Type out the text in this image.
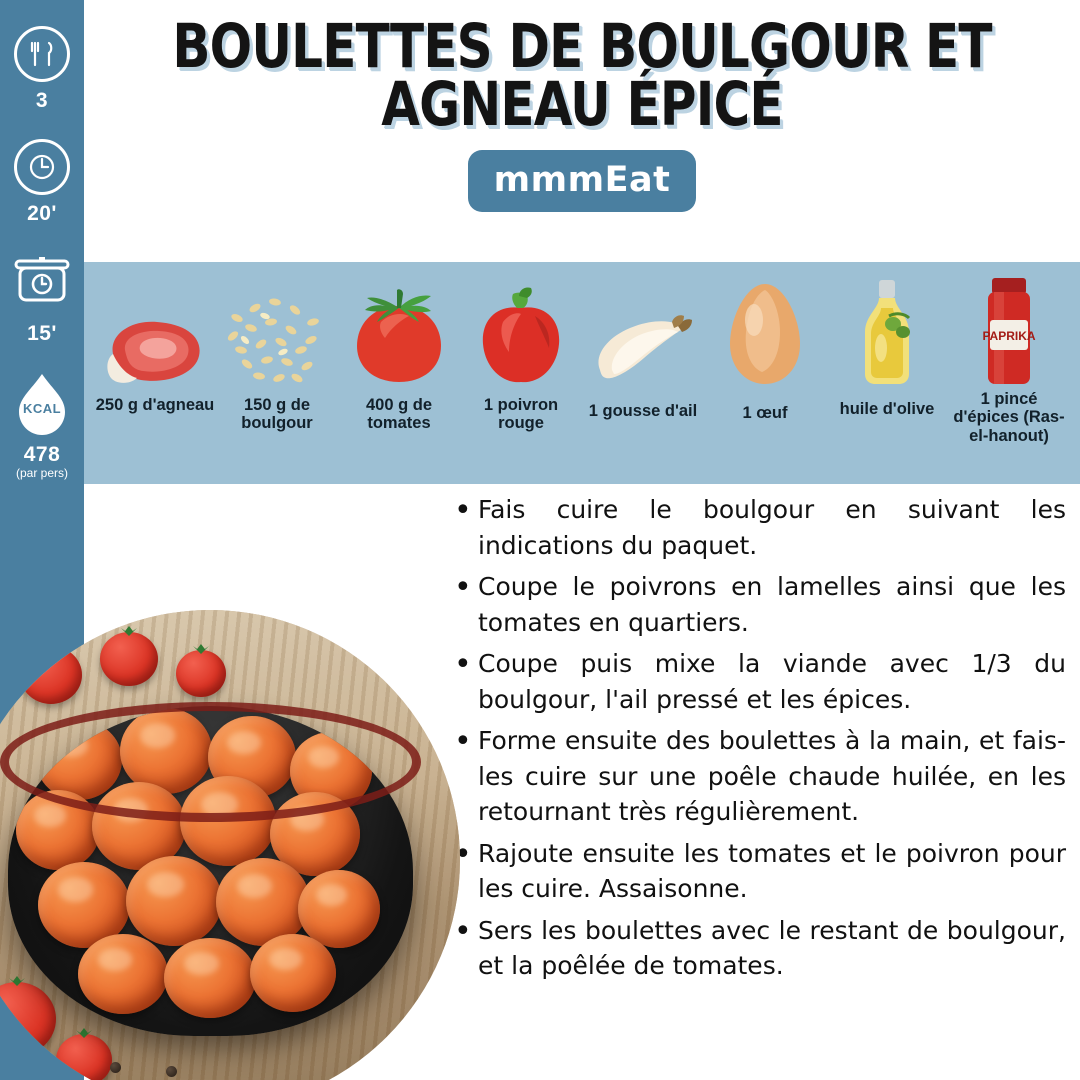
3
20'
15'
KCAL
478
(par pers)
BOULETTES DE BOULGOUR ET AGNEAU ÉPICÉ
mmmEat
250 g d'agneau	150 g de boulgour
400 g de tomates
1 poivron rouge
1 gousse d'ail	1 œuf	huile d'olive
PAPRIKA
1 pincé d'épices (Ras-el-hanout)
• Fais cuire le boulgour en suivant les indications du paquet.
• Coupe le poivrons en lamelles ainsi que les tomates en quartiers.
• Coupe puis mixe la viande avec 1/3 du boulgour, l'ail pressé et les épices.
• Forme ensuite des boulettes à la main, et fais-les cuire sur une poêle chaude huilée, en les retournant très régulièrement.
• Rajoute ensuite les tomates et le poivron pour les cuire. Assaisonne.
• Sers les boulettes avec le restant de boulgour, et la poêlée de tomates.
